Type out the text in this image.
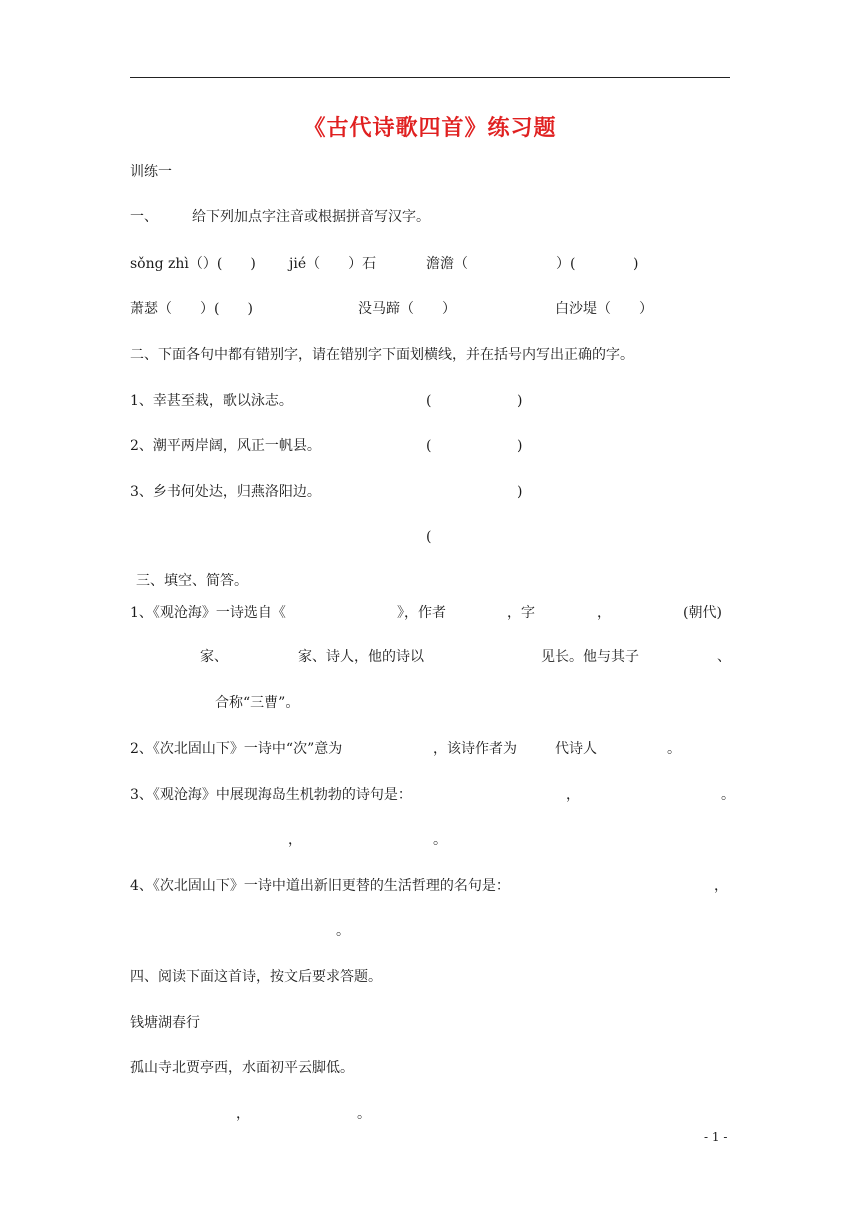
《古代诗歌四首》练习题
训练一
一、 给下列加点字注音或根据拼音写汉字。
sǒng zhì（）(　　) jié（　　）石	澹澹（	）(	)
萧瑟（　　）(　　)	没马蹄（　　）	白沙堤（　　）
二、下面各句中都有错别字，请在错别字下面划横线，并在括号内写出正确的字。
1、幸甚至栽，歌以泳志。	(	)
2、潮平两岸阔，风正一帆县。	(	)
3、乡书何处达，归燕洛阳边。	)
(
三、填空、简答。
1、《观沧海》一诗选自《	》，作者	，字	，	(朝代)
家、	家、诗人，他的诗以	见长。他与其子	、
合称“三曹”。
2、《次北固山下》一诗中“次”意为	，该诗作者为	代诗人	。
3、《观沧海》中展现海岛生机勃勃的诗句是：	，	。
，	。
4、《次北固山下》一诗中道出新旧更替的生活哲理的名句是：	，
。
四、阅读下面这首诗，按文后要求答题。
钱塘湖春行
孤山寺北贾亭西，水面初平云脚低。
，	。
- 1 -
